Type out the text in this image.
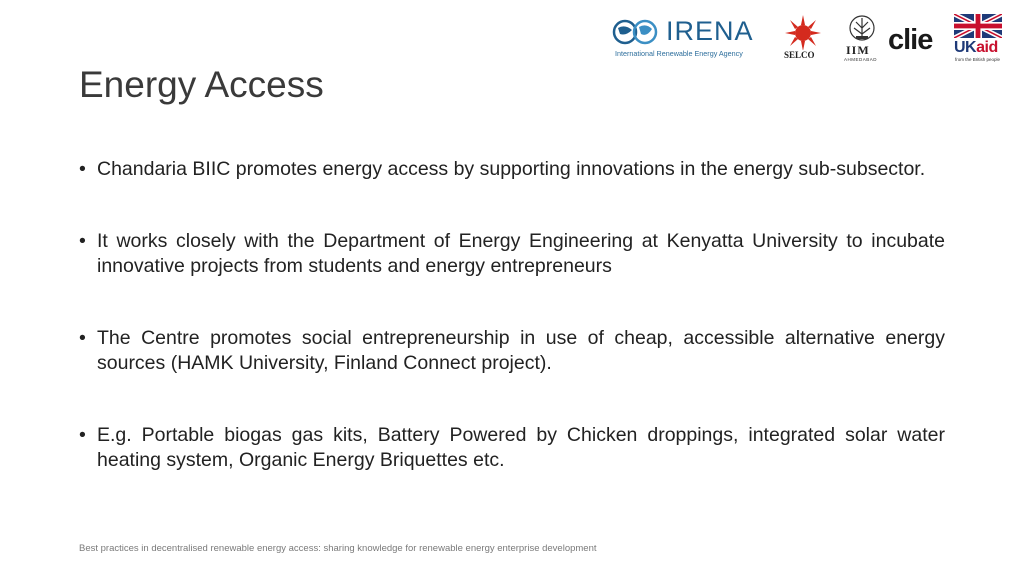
IRENA
International Renewable Energy Agency	SELCO	IIM
AHMEDABAD
clie	UKaid
from the British people
Energy Access
• Chandaria BIIC promotes energy access by supporting innovations in the energy sub-subsector.
• It works closely with the Department of Energy Engineering at Kenyatta University to incubate innovative projects from students and energy entrepreneurs
• The Centre promotes social entrepreneurship in use of cheap, accessible alternative energy sources (HAMK University, Finland Connect project).
• E.g. Portable biogas gas kits, Battery Powered by Chicken droppings, integrated solar water heating system, Organic Energy Briquettes etc.
Best practices in decentralised renewable energy access: sharing knowledge for renewable energy enterprise development
